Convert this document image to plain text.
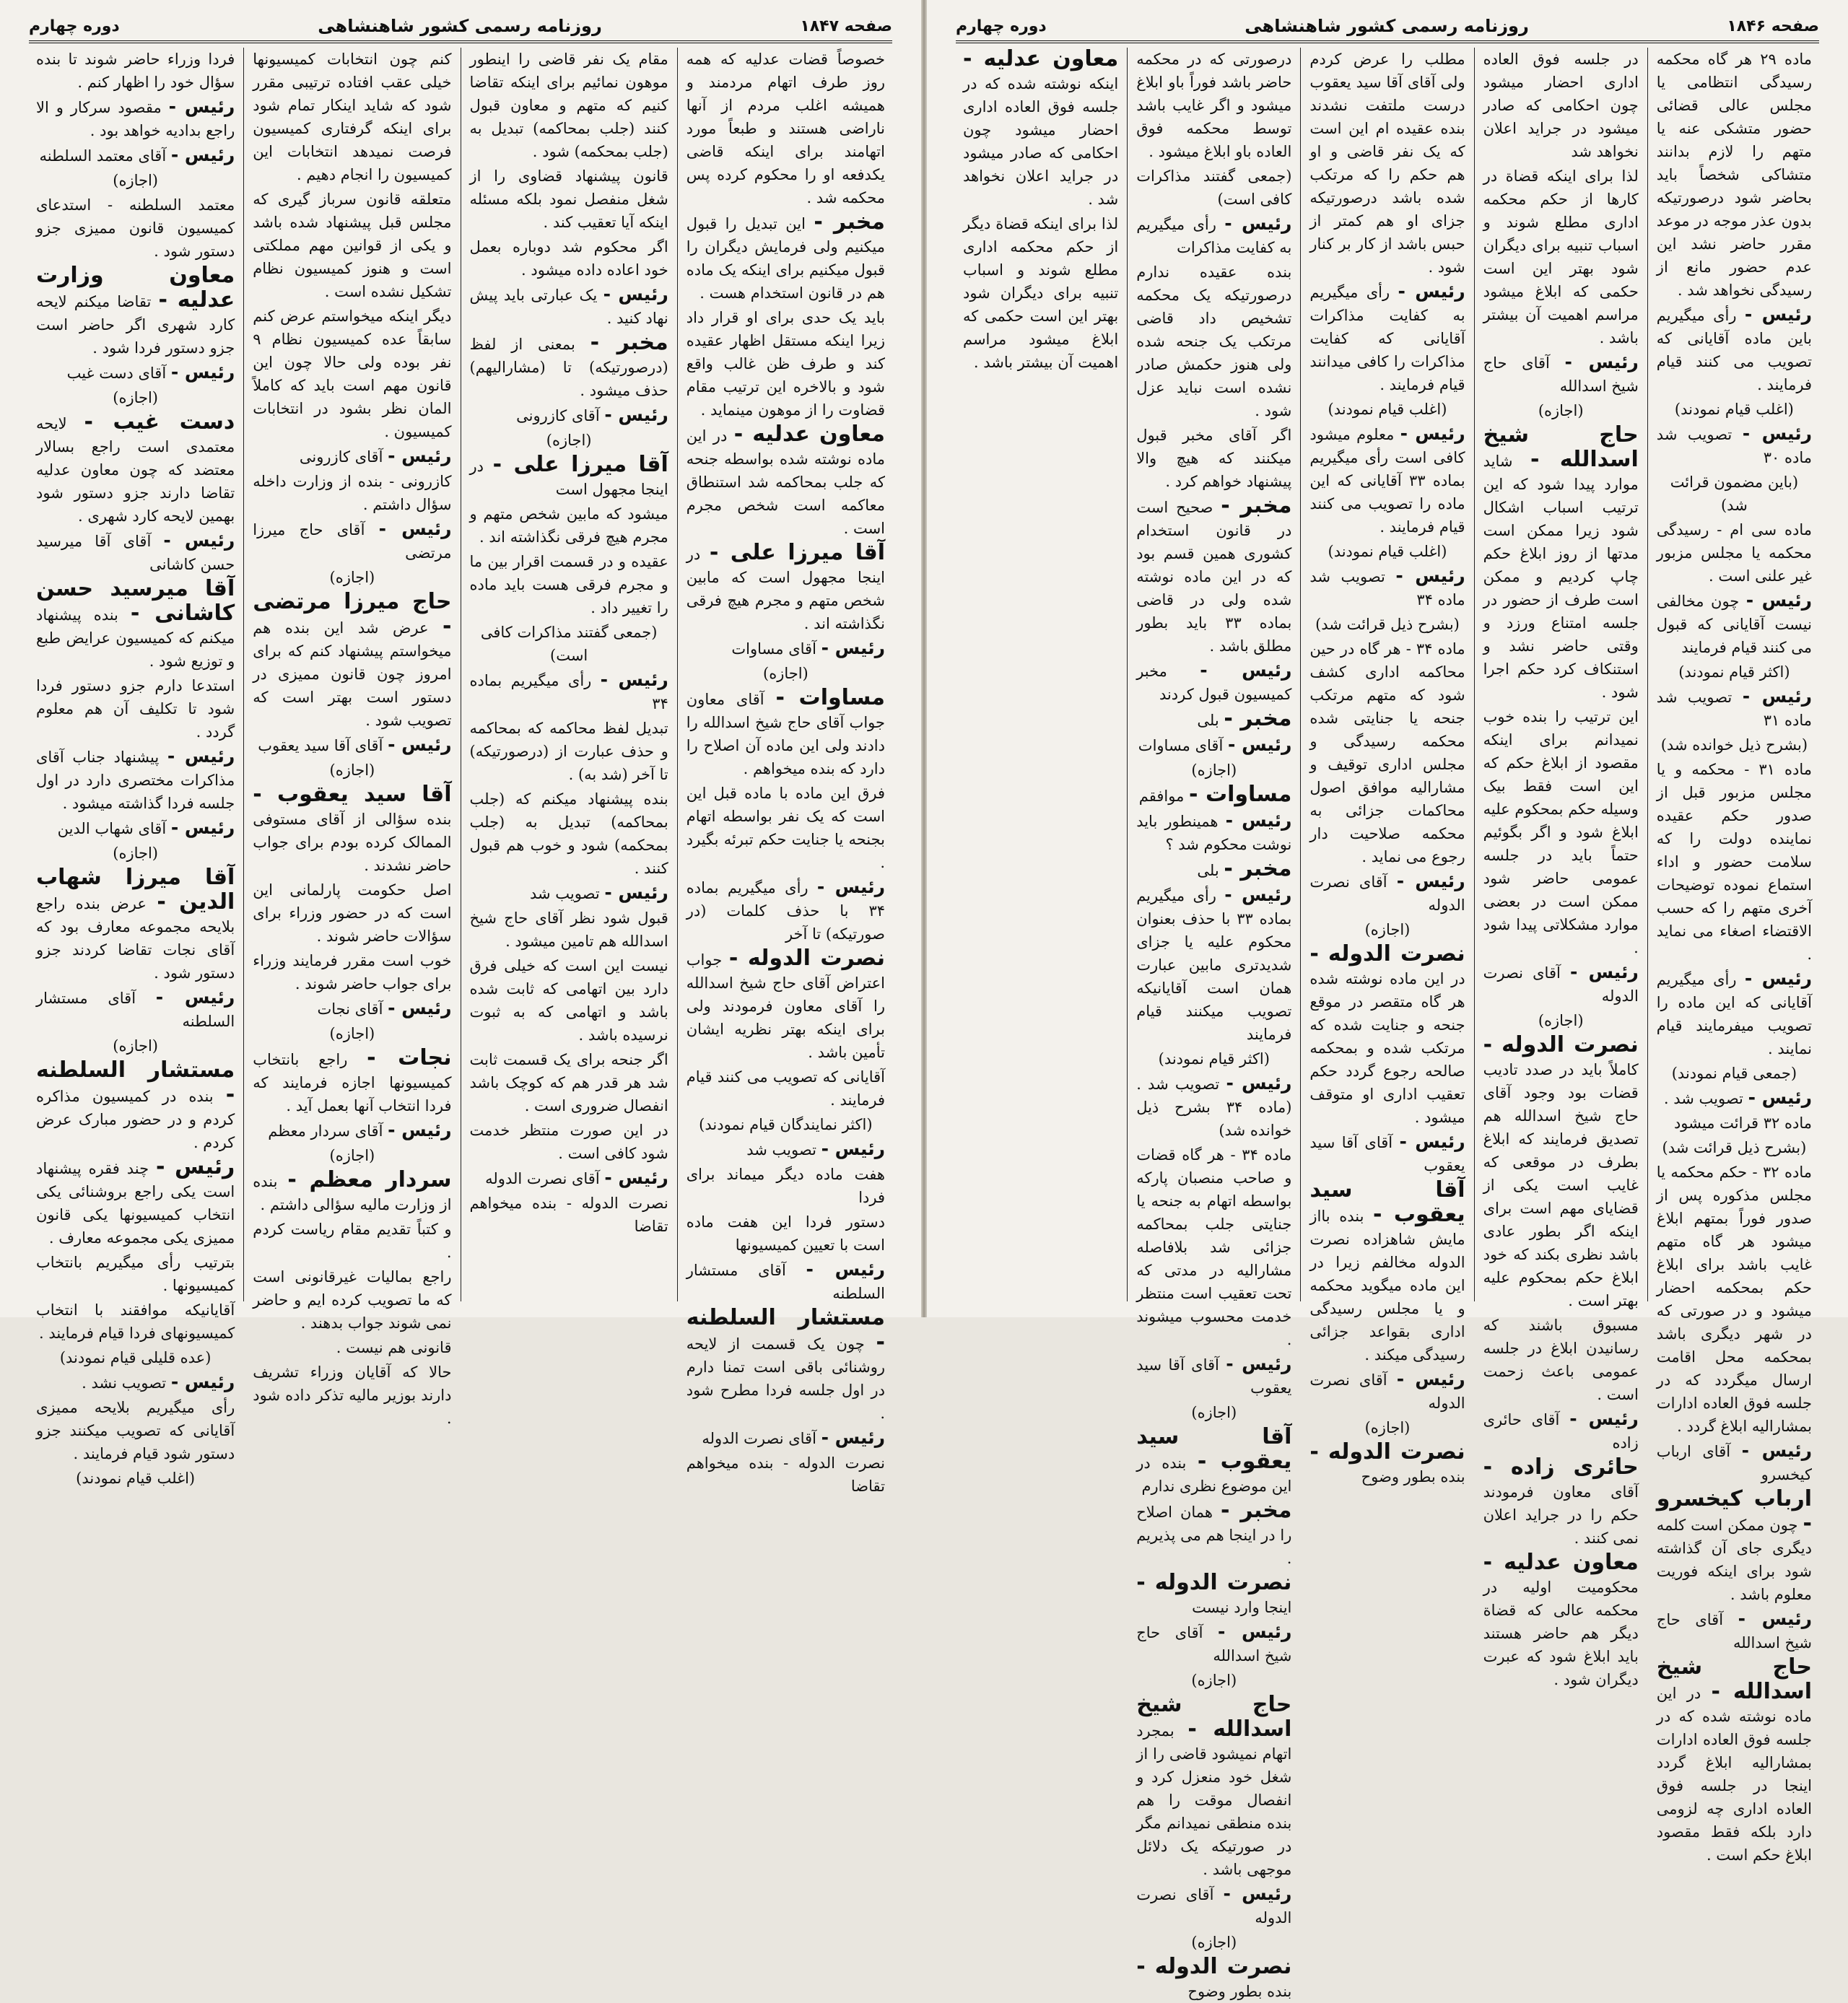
دوره چهارم	روزنامه رسمی کشور شاهنشاهی	صفحه ۱۸۴۷
خصوصاً قضات عدلیه که همه روز طرف اتهام مردمند و همیشه اغلب مردم از آنها ناراضی هستند و طبعاً مورد اتهامند برای اینکه قاضی یکدفعه او را محکوم کرده پس محکمه شد .
مخبر - این تبدیل را قبول میکنیم ولی فرمایش دیگران را قبول میکنیم برای اینکه یک ماده هم در قانون استخدام هست .
باید یک حدی برای او قرار داد زیرا اینکه مستقل اظهار عقیده کند و طرف ظن غالب واقع شود و بالاخره این ترتیب مقام قضاوت را از موهون مینماید .
معاون عدلیه - در این ماده نوشته شده بواسطه جنحه که جلب بمحاکمه شد استنطاق معاکمه است شخص مجرم است .
آقا میرزا علی - در اینجا مجهول است که مابین شخص متهم و مجرم هیچ فرقی نگذاشته اند .
رئیس - آقای مساوات
(اجازه)
مساوات - آقای معاون جواب آقای حاج شیخ اسدالله را دادند ولی این ماده آن اصلاح را دارد که بنده میخواهم .
فرق این ماده با ماده قبل این است که یک نفر بواسطه اتهام بجنحه یا جنایت حکم تبرئه بگیرد .
رئیس - رأی میگیریم بماده ۳۴ با حذف کلمات (در صورتیکه) تا آخر
نصرت الدوله - جواب اعتراض آقای حاج شیخ اسدالله را آقای معاون فرمودند ولی برای اینکه بهتر نظریه ایشان تأمین باشد .
آقایانی که تصویب می کنند قیام فرمایند .
(اکثر نمایندگان قیام نمودند)
رئیس - تصویب شد
هفت ماده دیگر میماند برای فردا
دستور فردا این هفت ماده است با تعیین کمیسیونها
رئیس - آقای مستشار السلطنه
مستشار السلطنه - چون یک قسمت از لایحه روشنائی باقی است تمنا دارم در اول جلسه فردا مطرح شود .
رئیس - آقای نصرت الدوله
نصرت الدوله - بنده میخواهم تقاضا
مقام یک نفر قاضی را اینطور موهون نمائیم برای اینکه تقاضا کنیم که متهم و معاون قبول کنند (جلب بمحاکمه) تبدیل به (جلب بمحکمه) شود .
قانون پیشنهاد قضاوی را از شغل منفصل نمود بلکه مسئله اینکه آیا تعقیب کند .
اگر محکوم شد دوباره بعمل خود اعاده داده میشود .
رئیس - یک عبارتی باید پیش نهاد کنید .
مخبر - بمعنی از لفظ (درصورتیکه) تا (مشارالیهم) حذف میشود .
رئیس - آقای کازرونی
(اجازه)
آقا میرزا علی - در اینجا مجهول است
میشود که مابین شخص متهم و مجرم هیچ فرقی نگذاشته اند .
عقیده و در قسمت اقرار بین ما و مجرم فرقی هست باید ماده را تغییر داد .
(جمعی گفتند مذاکرات کافی است)
رئیس - رأی میگیریم بماده ۳۴
تبدیل لفظ محاکمه که بمحاکمه و حذف عبارت از (درصورتیکه) تا آخر (شد به) .
بنده پیشنهاد میکنم که (جلب بمحاکمه) تبدیل به (جلب بمحکمه) شود و خوب هم قبول کنند .
رئیس - تصویب شد
قبول شود نظر آقای حاج شیخ اسدالله هم تامین میشود .
نیست این است که خیلی فرق دارد بین اتهامی که ثابت شده باشد و اتهامی که به ثبوت نرسیده باشد .
اگر جنحه برای یک قسمت ثابت شد هر قدر هم که کوچک باشد انفصال ضروری است .
در این صورت منتظر خدمت شود کافی است .
رئیس - آقای نصرت الدوله
نصرت الدوله - بنده میخواهم تقاضا
کنم چون انتخابات کمیسیونها خیلی عقب افتاده ترتیبی مقرر شود که شاید اینکار تمام شود برای اینکه گرفتاری کمیسیون فرصت نمیدهد انتخابات این کمیسیون را انجام دهیم .
متعلقه قانون سرباز گیری که مجلس قبل پیشنهاد شده باشد و یکی از قوانین مهم مملکتی است و هنوز کمیسیون نظام تشکیل نشده است .
دیگر اینکه میخواستم عرض کنم سابقاً عده کمیسیون نظام ۹ نفر بوده ولی حالا چون این قانون مهم است باید که کاملاً المان نظر بشود در انتخابات کمیسیون .
رئیس - آقای کازرونی
کازرونی - بنده از وزارت داخله سؤال داشتم .
رئیس - آقای حاج میرزا مرتضی
(اجازه)
حاج میرزا مرتضی - عرض شد این بنده هم میخواستم پیشنهاد کنم که برای امروز چون قانون ممیزی در دستور است بهتر است که تصویب شود .
رئیس - آقای آقا سید یعقوب
(اجازه)
آقا سید یعقوب - بنده سؤالی از آقای مستوفی الممالک کرده بودم برای جواب حاضر نشدند .
اصل حکومت پارلمانی این است که در حضور وزراء برای سؤالات حاضر شوند .
خوب است مقرر فرمایند وزراء برای جواب حاضر شوند .
رئیس - آقای نجات
(اجازه)
نجات - راجع بانتخاب کمیسیونها اجازه فرمایند که فردا انتخاب آنها بعمل آید .
رئیس - آقای سردار معظم
(اجازه)
سردار معظم - بنده از وزارت مالیه سؤالی داشتم .
و کتباً تقدیم مقام ریاست کردم .
راجع بمالیات غیرقانونی است که ما تصویب کرده ایم و حاضر نمی شوند جواب بدهند .
قانونی هم نیست .
حالا که آقایان وزراء تشریف دارند بوزیر مالیه تذکر داده شود .
فردا وزراء حاضر شوند تا بنده سؤال خود را اظهار کنم .
رئیس - مقصود سرکار و الا راجع بدادیه خواهد بود .
رئیس - آقای معتمد السلطنه
(اجازه)
معتمد السلطنه - استدعای کمیسیون قانون ممیزی جزو دستور شود .
معاون وزارت عدلیه - تقاضا میکنم لایحه کارد شهری اگر حاضر است جزو دستور فردا شود .
رئیس - آقای دست غیب
(اجازه)
دست غیب - لایحه معتمدی است راجع بسالار معتضد که چون معاون عدلیه تقاضا دارند جزو دستور شود بهمین لایحه کارد شهری .
رئیس - آقای آقا میرسید حسن کاشانی
آقا میرسید حسن کاشانی - بنده پیشنهاد میکنم که کمیسیون عرایض طبع و توزیع شود .
استدعا دارم جزو دستور فردا شود تا تکلیف آن هم معلوم گردد .
رئیس - پیشنهاد جناب آقای مذاکرات مختصری دارد در اول جلسه فردا گذاشته میشود .
رئیس - آقای شهاب الدین
(اجازه)
آقا میرزا شهاب الدین - عرض بنده راجع بلایحه مجموعه معارف بود که آقای نجات تقاضا کردند جزو دستور شود .
رئیس - آقای مستشار السلطنه
(اجازه)
مستشار السلطنه - بنده در کمیسیون مذاکره کردم و در حضور مبارک عرض کردم .
رئیس - چند فقره پیشنهاد است یکی راجع بروشنائی یکی انتخاب کمیسیونها یکی قانون ممیزی یکی مجموعه معارف .
بترتیب رأی میگیریم بانتخاب کمیسیونها .
آقایانیکه موافقند با انتخاب کمیسیونهای فردا قیام فرمایند .
(عده قلیلی قیام نمودند)
رئیس - تصویب نشد .
رأی میگیریم بلایحه ممیزی آقایانی که تصویب میکنند جزو دستور شود قیام فرمایند .
(اغلب قیام نمودند)
دوره چهارم	روزنامه رسمی کشور شاهنشاهی	صفحه ۱۸۴۶
ماده ۲۹ هر گاه محکمه رسیدگی انتظامی یا مجلس عالی قضائی حضور متشکی عنه یا متهم را لازم بدانند متشاکی شخصاً باید بحاضر شود درصورتیکه بدون عذر موجه در موعد مقرر حاضر نشد این عدم حضور مانع از رسیدگی نخواهد شد .
رئیس - رأی میگیریم باین ماده آقایانی که تصویب می کنند قیام فرمایند .
(اغلب قیام نمودند)
رئیس - تصویب شد ماده ۳۰
(باین مضمون قرائت شد)
ماده سی ام - رسیدگی محکمه یا مجلس مزبور غیر علنی است .
رئیس - چون مخالفی نیست آقایانی که قبول می کنند قیام فرمایند
(اکثر قیام نمودند)
رئیس - تصویب شد ماده ۳۱
(بشرح ذیل خوانده شد)
ماده ۳۱ - محکمه و یا مجلس مزبور قبل از صدور حکم عقیده نماینده دولت را که سلامت حضور و اداء استماع نموده توضیحات آخری متهم را که حسب الاقتضاء اصغاء می نماید .
رئیس - رأی میگیریم آقایانی که این ماده را تصویب میفرمایند قیام نمایند .
(جمعی قیام نمودند)
رئیس - تصویب شد .
ماده ۳۲ قرائت میشود
(بشرح ذیل قرائت شد)
ماده ۳۲ - حکم محکمه یا مجلس مذکوره پس از صدور فوراً بمتهم ابلاغ میشود هر گاه متهم غایب باشد برای ابلاغ حکم بمحکمه احضار میشود و در صورتی که در شهر دیگری باشد بمحکمه محل اقامت ارسال میگردد که در جلسه فوق العاده ادارات بمشارالیه ابلاغ گردد .
رئیس - آقای ارباب کیخسرو
ارباب کیخسرو - چون ممکن است کلمه دیگری جای آن گذاشته شود برای اینکه فوریت معلوم باشد .
رئیس - آقای حاج شیخ اسدالله
حاج شیخ اسدالله - در این ماده نوشته شده که در جلسه فوق العاده ادارات بمشارالیه ابلاغ گردد اینجا در جلسه فوق العاده اداری چه لزومی دارد بلکه فقط مقصود ابلاغ حکم است .
در جلسه فوق العاده اداری احضار میشود چون احکامی که صادر میشود در جراید اعلان نخواهد شد
لذا برای اینکه قضاة در کارها از حکم محکمه اداری مطلع شوند و اسباب تنبیه برای دیگران شود بهتر این است حکمی که ابلاغ میشود مراسم اهمیت آن بیشتر باشد .
رئیس - آقای حاج شیخ اسدالله
(اجازه)
حاج شیخ اسدالله - شاید موارد پیدا شود که این ترتیب اسباب اشکال شود زیرا ممکن است مدتها از روز ابلاغ حکم چاپ کردیم و ممکن است طرف از حضور در جلسه امتناع ورزد و وقتی حاضر نشد و استنکاف کرد حکم اجرا شود .
این ترتیب را بنده خوب نمیدانم برای اینکه مقصود از ابلاغ حکم که این است فقط بیک وسیله حکم بمحکوم علیه ابلاغ شود و اگر بگوئیم حتماً باید در جلسه عمومی حاضر شود ممکن است در بعضی موارد مشکلاتی پیدا شود .
رئیس - آقای نصرت الدوله
(اجازه)
نصرت الدوله - کاملاً باید در صدد تادیب قضات بود وجود آقای حاج شیخ اسدالله هم تصدیق فرمایند که ابلاغ بطرف در موقعی که غایب است یکی از قضایای مهم است برای اینکه اگر بطور عادی باشد نظری بکند که خود ابلاغ حکم بمحکوم علیه بهتر است .
مسبوق باشند که رسانیدن ابلاغ در جلسه عمومی باعث زحمت است .
رئیس - آقای حائری زاده
حائری زاده - آقای معاون فرمودند حکم را در جراید اعلان نمی کنند .
معاون عدلیه - محکومیت اولیه در محکمه عالی که قضاة دیگر هم حاضر هستند باید ابلاغ شود که عبرت دیگران شود .
مطلب را عرض کردم ولی آقای آقا سید یعقوب درست ملتفت نشدند بنده عقیده ام این است که یک نفر قاضی و او هم حکم را که مرتکب شده باشد درصورتیکه جزای او هم کمتر از حبس باشد از کار بر کنار شود .
رئیس - رأی میگیریم به کفایت مذاکرات آقایانی که کفایت مذاکرات را کافی میدانند قیام فرمایند .
(اغلب قیام نمودند)
رئیس - معلوم میشود کافی است رأی میگیریم بماده ۳۳ آقایانی که این ماده را تصویب می کنند قیام فرمایند .
(اغلب قیام نمودند)
رئیس - تصویب شد ماده ۳۴
(بشرح ذیل قرائت شد)
ماده ۳۴ - هر گاه در حین محاکمه اداری کشف شود که متهم مرتکب جنحه یا جنایتی شده محکمه رسیدگی و مجلس اداری توقیف و مشارالیه موافق اصول محاکمات جزائی به محکمه صلاحیت دار رجوع می نماید .
رئیس - آقای نصرت الدوله
(اجازه)
نصرت الدوله - در این ماده نوشته شده هر گاه متقصر در موقع جنحه و جنایت شده که مرتکب شده و بمحکمه صالحه رجوع گردد حکم تعقیب اداری او متوقف میشود .
رئیس - آقای آقا سید یعقوب
آقا سید یعقوب - بنده بااز مایش شاهزاده نصرت الدوله مخالفم زیرا در این ماده میگوید محکمه و یا مجلس رسیدگی اداری بقواعد جزائی رسیدگی میکند .
رئیس - آقای نصرت الدوله
(اجازه)
نصرت الدوله - بنده بطور وضوح
درصورتی که در محکمه حاضر باشد فوراً باو ابلاغ میشود و اگر غایب باشد توسط محکمه فوق العاده باو ابلاغ میشود .
(جمعی گفتند مذاکرات کافی است)
رئیس - رأی میگیریم به کفایت مذاکرات
بنده عقیده ندارم درصورتیکه یک محکمه تشخیص داد قاضی مرتکب یک جنحه شده ولی هنوز حکمش صادر نشده است نباید عزل شود .
اگر آقای مخبر قبول میکنند که هیچ والا پیشنهاد خواهم کرد .
مخبر - صحیح است در قانون استخدام کشوری همین قسم بود که در این ماده نوشته شده ولی در قاضی بماده ۳۳ باید بطور مطلق باشد .
رئیس - مخبر کمیسیون قبول کردند
مخبر - بلی
رئیس - آقای مساوات
(اجازه)
مساوات - موافقم
رئیس - همینطور باید نوشت محکوم شد ؟
مخبر - بلی
رئیس - رأی میگیریم بماده ۳۳ با حذف بعنوان محکوم علیه یا جزای شدیدتری مابین عبارت همان است آقایانیکه تصویب میکنند قیام فرمایند
(اکثر قیام نمودند)
رئیس - تصویب شد . (ماده ۳۴ بشرح ذیل خوانده شد)
ماده ۳۴ - هر گاه قضات و صاحب منصبان پارکه بواسطه اتهام به جنحه یا جنایتی جلب بمحاکمه جزائی شد بلافاصله مشارالیه در مدتی که تحت تعقیب است منتظر خدمت محسوب میشوند .
رئیس - آقای آقا سید یعقوب
(اجازه)
آقا سید یعقوب - بنده در این موضوع نظری ندارم
مخبر - همان اصلاح را در اینجا هم می پذیریم .
نصرت الدوله - اینجا وارد نیست
رئیس - آقای حاج شیخ اسدالله
(اجازه)
حاج شیخ اسدالله - بمجرد اتهام نمیشود قاضی را از شغل خود منعزل کرد و انفصال موقت را هم بنده منطقی نمیدانم مگر در صورتیکه یک دلائل موجهی باشد .
رئیس - آقای نصرت الدوله
(اجازه)
نصرت الدوله - بنده بطور وضوح
معاون عدلیه - اینکه نوشته شده که در جلسه فوق العاده اداری احضار میشود چون احکامی که صادر میشود در جراید اعلان نخواهد شد .
لذا برای اینکه قضاة دیگر از حکم محکمه اداری مطلع شوند و اسباب تنبیه برای دیگران شود بهتر این است حکمی که ابلاغ میشود مراسم اهمیت آن بیشتر باشد .
